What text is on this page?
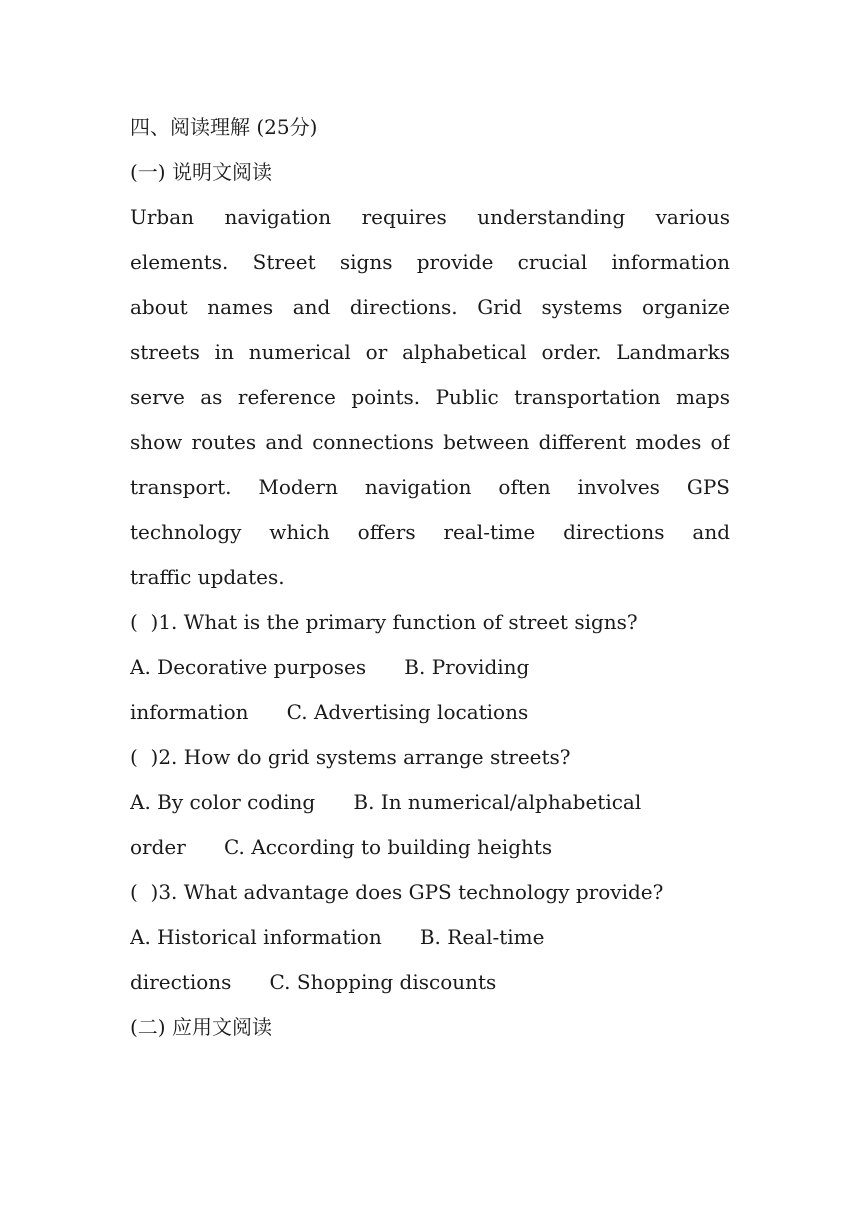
四、阅读理解 (25分)
(一) 说明文阅读
Urban navigation requires understanding various
elements. Street signs provide crucial information
about names and directions. Grid systems organize
streets in numerical or alphabetical order. Landmarks
serve as reference points. Public transportation maps
show routes and connections between different modes of
transport. Modern navigation often involves GPS
technology which offers real-time directions and
traffic updates.
(  )1. What is the primary function of street signs?
A. Decorative purposes      B. Providing
information      C. Advertising locations
(  )2. How do grid systems arrange streets?
A. By color coding      B. In numerical/alphabetical
order      C. According to building heights
(  )3. What advantage does GPS technology provide?
A. Historical information      B. Real-time
directions      C. Shopping discounts
(二) 应用文阅读
